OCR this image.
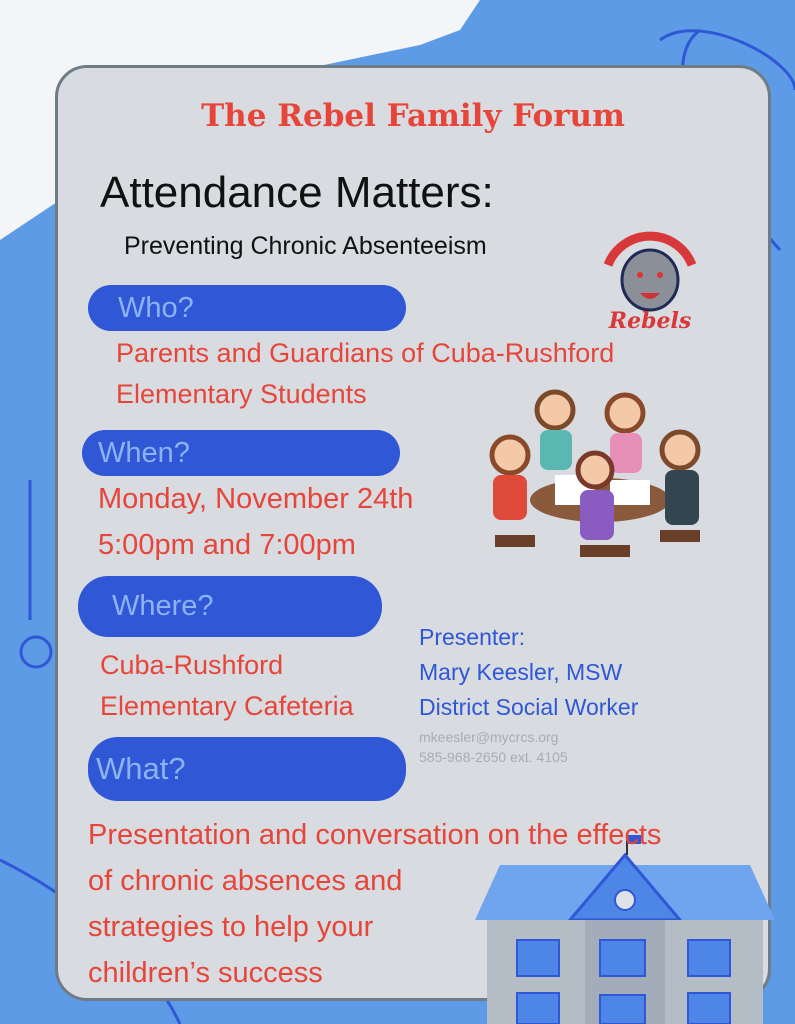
The Rebel Family Forum
Attendance Matters:
Preventing Chronic Absenteeism
Rebels
Who?
Parents and Guardians of Cuba-Rushford
Elementary Students
When?
Monday, November 24th
5:00pm and 7:00pm
Where?
Cuba-Rushford
Elementary Cafeteria
Presenter:
Mary Keesler, MSW
District Social Worker
mkeesler@mycrcs.org
585-968-2650 ext. 4105
What?
Presentation and conversation on the effects
of chronic absences and
strategies to help your
children’s success
